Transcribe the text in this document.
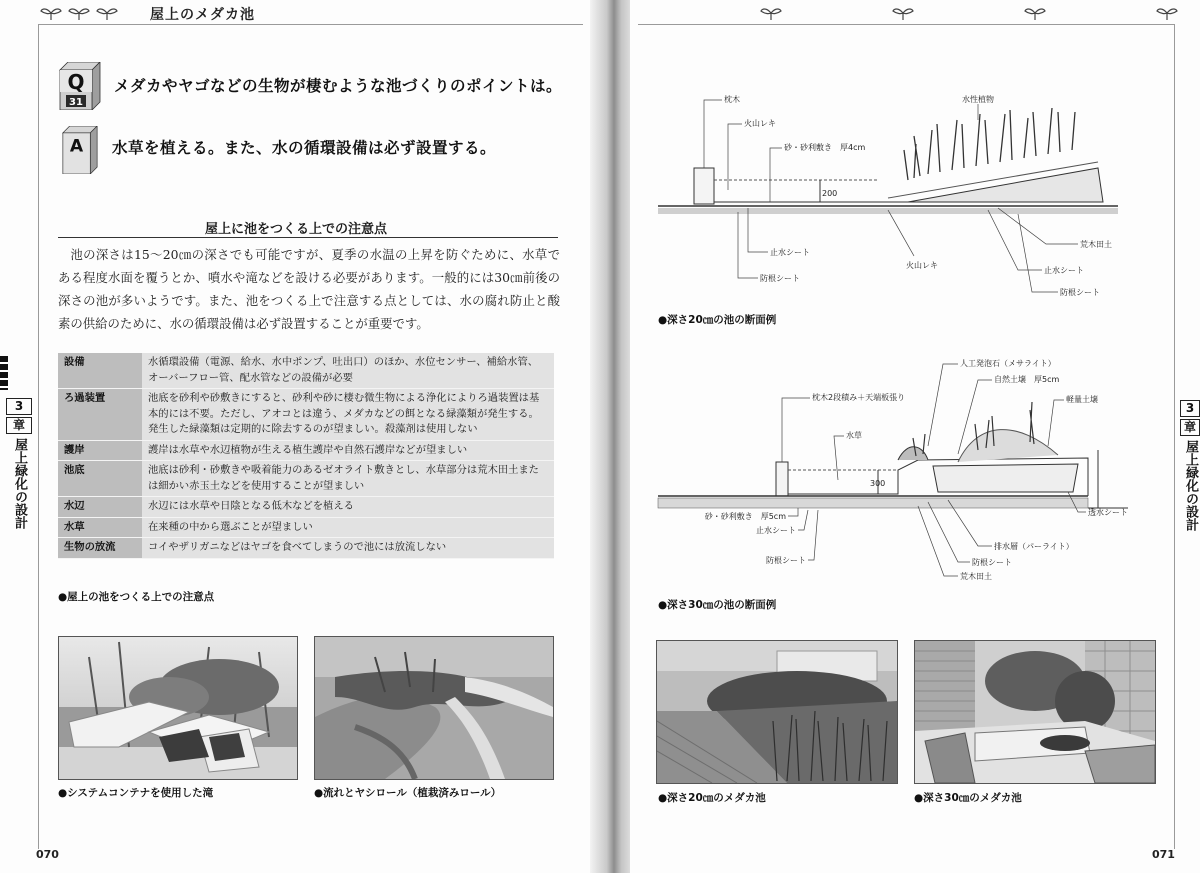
屋上のメダカ池
Q
31
メダカやヤゴなどの生物が棲むような池づくりのポイントは。
A 水草を植える。また、水の循環設備は必ず設置する。
屋上に池をつくる上での注意点

池の深さは15〜20㎝の深さでも可能ですが、夏季の水温の上昇を防ぐために、水草である程度水面を覆うとか、噴水や滝などを設ける必要があります。一般的には30㎝前後の深さの池が多いようです。また、池をつくる上で注意する点としては、水の腐れ防止と酸素の供給のために、水の循環設備は必ず設置することが重要です。

3
章
屋上緑化の設計
設備	水循環設備（電源、給水、水中ポンプ、吐出口）のほか、水位センサー、補給水管、オーバーフロー管、配水管などの設備が必要
ろ過装置	池底を砂利や砂敷きにすると、砂利や砂に棲む微生物による浄化によりろ過装置は基本的には不要。ただし、アオコとは違う、メダカなどの餌となる緑藻類が発生する。発生した緑藻類は定期的に除去するのが望ましい。殺藻剤は使用しない
護岸	護岸は水草や水辺植物が生える植生護岸や自然石護岸などが望ましい
池底	池底は砂利・砂敷きや吸着能力のあるゼオライト敷きとし、水草部分は荒木田土または細かい赤玉土などを使用することが望ましい
水辺	水辺には水草や日陰となる低木などを植える
水草	在来種の中から選ぶことが望ましい
生物の放流	コイやザリガニなどはヤゴを食べてしまうので池には放流しない
●屋上の池をつくる上での注意点
●システムコンテナを使用した滝	●流れとヤシロール（植栽済みロール）
070
200
枕木
火山レキ
砂・砂利敷き　厚4cm
水性植物
止水シート
防根シート
火山レキ
荒木田土
止水シート
防根シート
●深さ20㎝の池の断面例
300
人工発泡石（メサライト）
自然土壌　厚5cm
枕木2段積み＋天端板張り	軽量土壌
水草
砂・砂利敷き　厚5cm
止水シート
防根シート
透水シート
排水層（パーライト）
防根シート
荒木田土
●深さ30㎝の池の断面例
●深さ20㎝のメダカ池	●深さ30㎝のメダカ池
3
章
屋上緑化の設計
071
